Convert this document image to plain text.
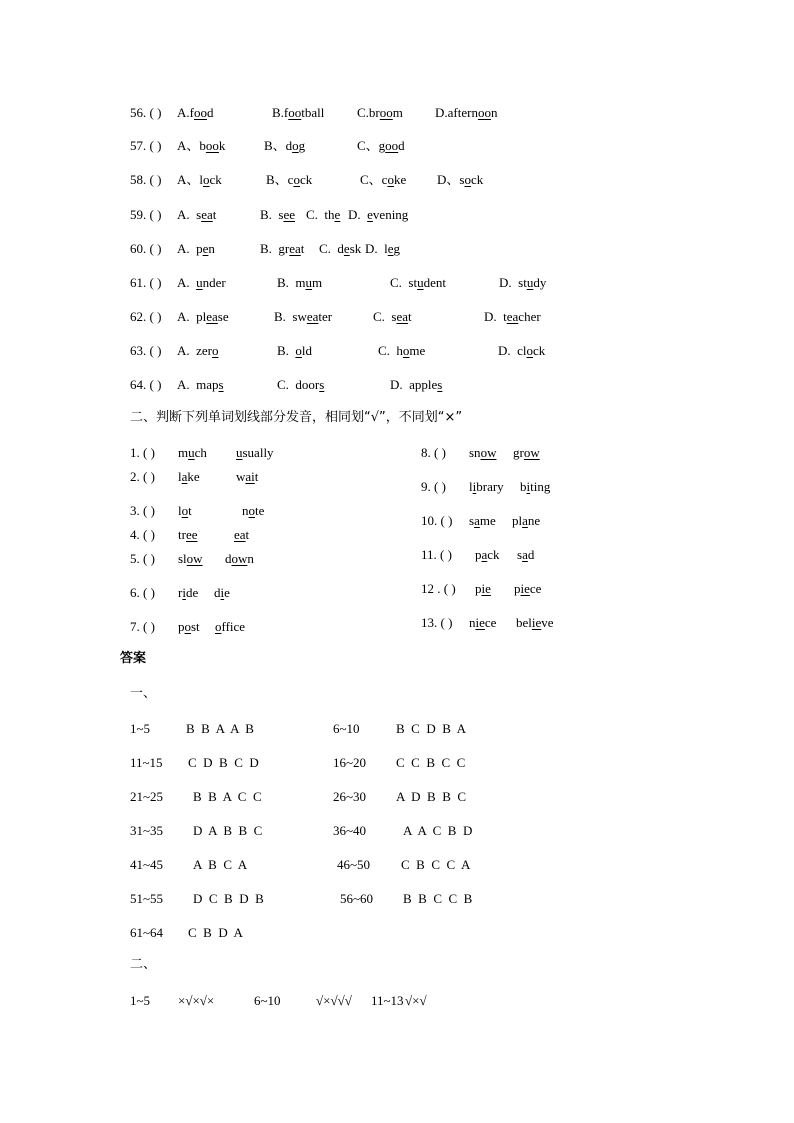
56. ( ) A.food	B.football	C.broom D.afternoon
57. ( ) A、book	B、dog	C、good
58. ( ) A、lock	B、cock	C、coke D、sock
59. ( ) A.  seat	B.  see C.  the D.  evening
60. ( ) A.  pen	B.  great C.  desk D.  leg
61. ( ) A.  under	B.  mum	C.  student	D.  study
62. ( ) A.  please	B.  sweater	C.  seat	D.  teacher
63. ( ) A.  zero	B.  old	C.  home	D.  clock
64. ( ) A.  maps	C.  doors	D.  apples
二、判断下列单词划线部分发音，相同划“√”，不同划“×”
1. ( ) much usually
2. ( ) lake	wait
3. ( ) lot	note
4. ( ) tree	eat
5. ( ) slow down
6. ( ) ride die
7. ( ) post office
8. ( ) snow grow
9. ( ) library biting
10. ( ) same plane
11. ( ) pack sad
12 . ( ) pie piece
13. ( ) niece believe
答案
一、
1~5	B  B  A  A  B	6~10	B  C  D  B  A
11~15 C  D  B  C  D	16~20 C  C  B  C  C
21~25 B  B  A  C  C	26~30 A  D  B  B  C
31~35 D  A  B  B  C	36~40	A  A  C  B  D
41~45 A  B  C  A	46~50 C  B  C  C  A
51~55 D  C  B  D  B	56~60 B  B  C  C  B
61~64 C  B  D  A
二、
1~5 ×√×√×	6~10	√×√√√ 11~13 √×√
